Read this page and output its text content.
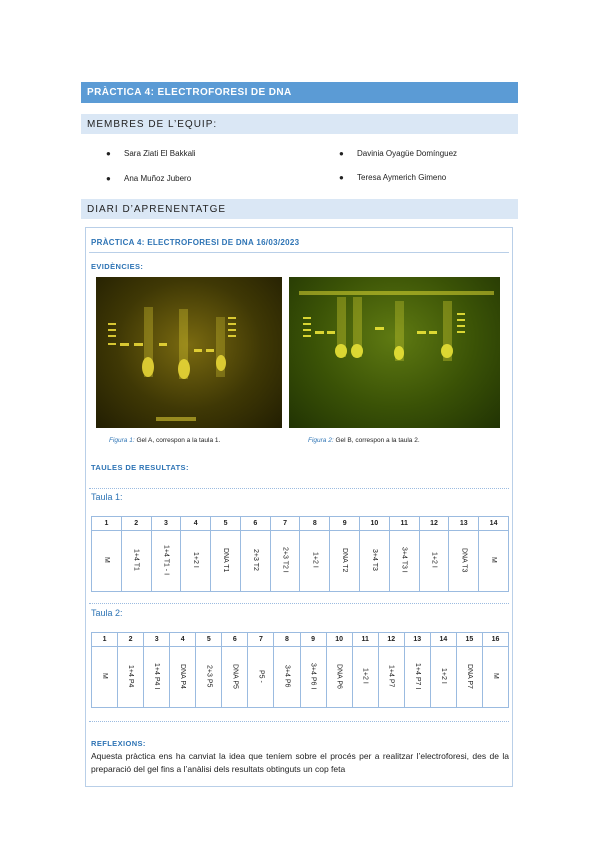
PRÀCTICA 4: ELECTROFORESI DE DNA
MEMBRES DE L’EQUIP:
● Sara Ziati El Bakkali
● Ana Muñoz Jubero
● Davinia Oyagüe Domínguez
● Teresa Aymerich Gimeno
DIARI D’APRENENTATGE
PRÀCTICA 4: ELECTROFORESI DE DNA 16/03/2023
EVIDÈNCIES:
Figura 1: Gel A, correspon a la taula 1.	Figura 2: Gel B, correspon a la taula 2.
TAULES DE RESULTATS:
Taula 1:
1	2	3	4	5	6	7	8	9	10	11	12	13	14
M	1+4 T1	1+4 T1 - I	1+2 I	DNA T1	2+3 T2	2+3 T2 I	1+2 I	DNA T2	3+4 T3	3+4 T3 I	1+2 I	DNA T3	M
Taula 2:
1	2	3	4	5	6	7	8	9	10	11	12	13	14	15	16
M	1+4 P4	1+4 P4 I	DNA P4	2+3 P5	DNA P5	P5 -	3+4 P6	3+4 P6 I	DNA P6	1+2 I	1+4 P7	1+4 P7 I	1+2 I	DNA P7	M
REFLEXIONS:
Aquesta pràctica ens ha canviat la idea que teníem sobre el procés per a realitzar l’electroforesi, des de la preparació del gel fins a l’anàlisi dels resultats obtinguts un cop feta
